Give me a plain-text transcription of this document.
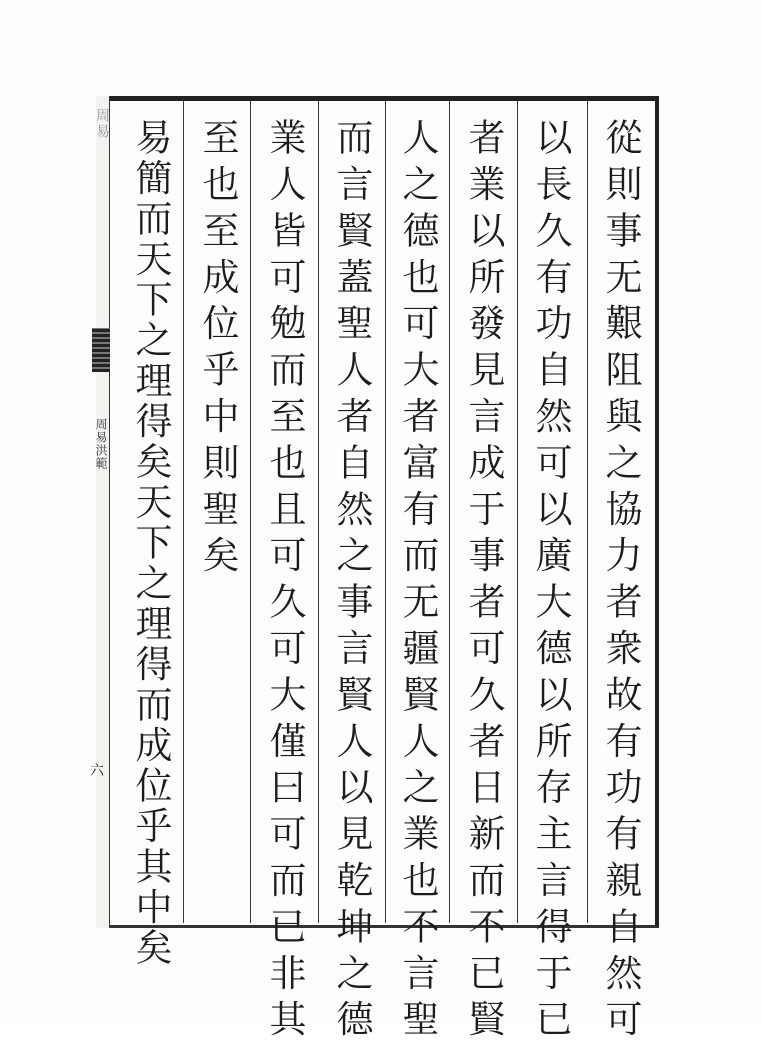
周易
周易洪範
六	從則事无艱阻與之協力者衆故有功有親自然可
以長久有功自然可以廣大德以所存主言得于已
者業以所發見言成于事者可久者日新而不已賢
人之德也可大者富有而无疆賢人之業也不言聖
而言賢蓋聖人者自然之事言賢人以見乾坤之德
業人皆可勉而至也且可久可大僅曰可而已非其
至也至成位乎中則聖矣
易簡而天下之理得矣天下之理得而成位乎其中矣
